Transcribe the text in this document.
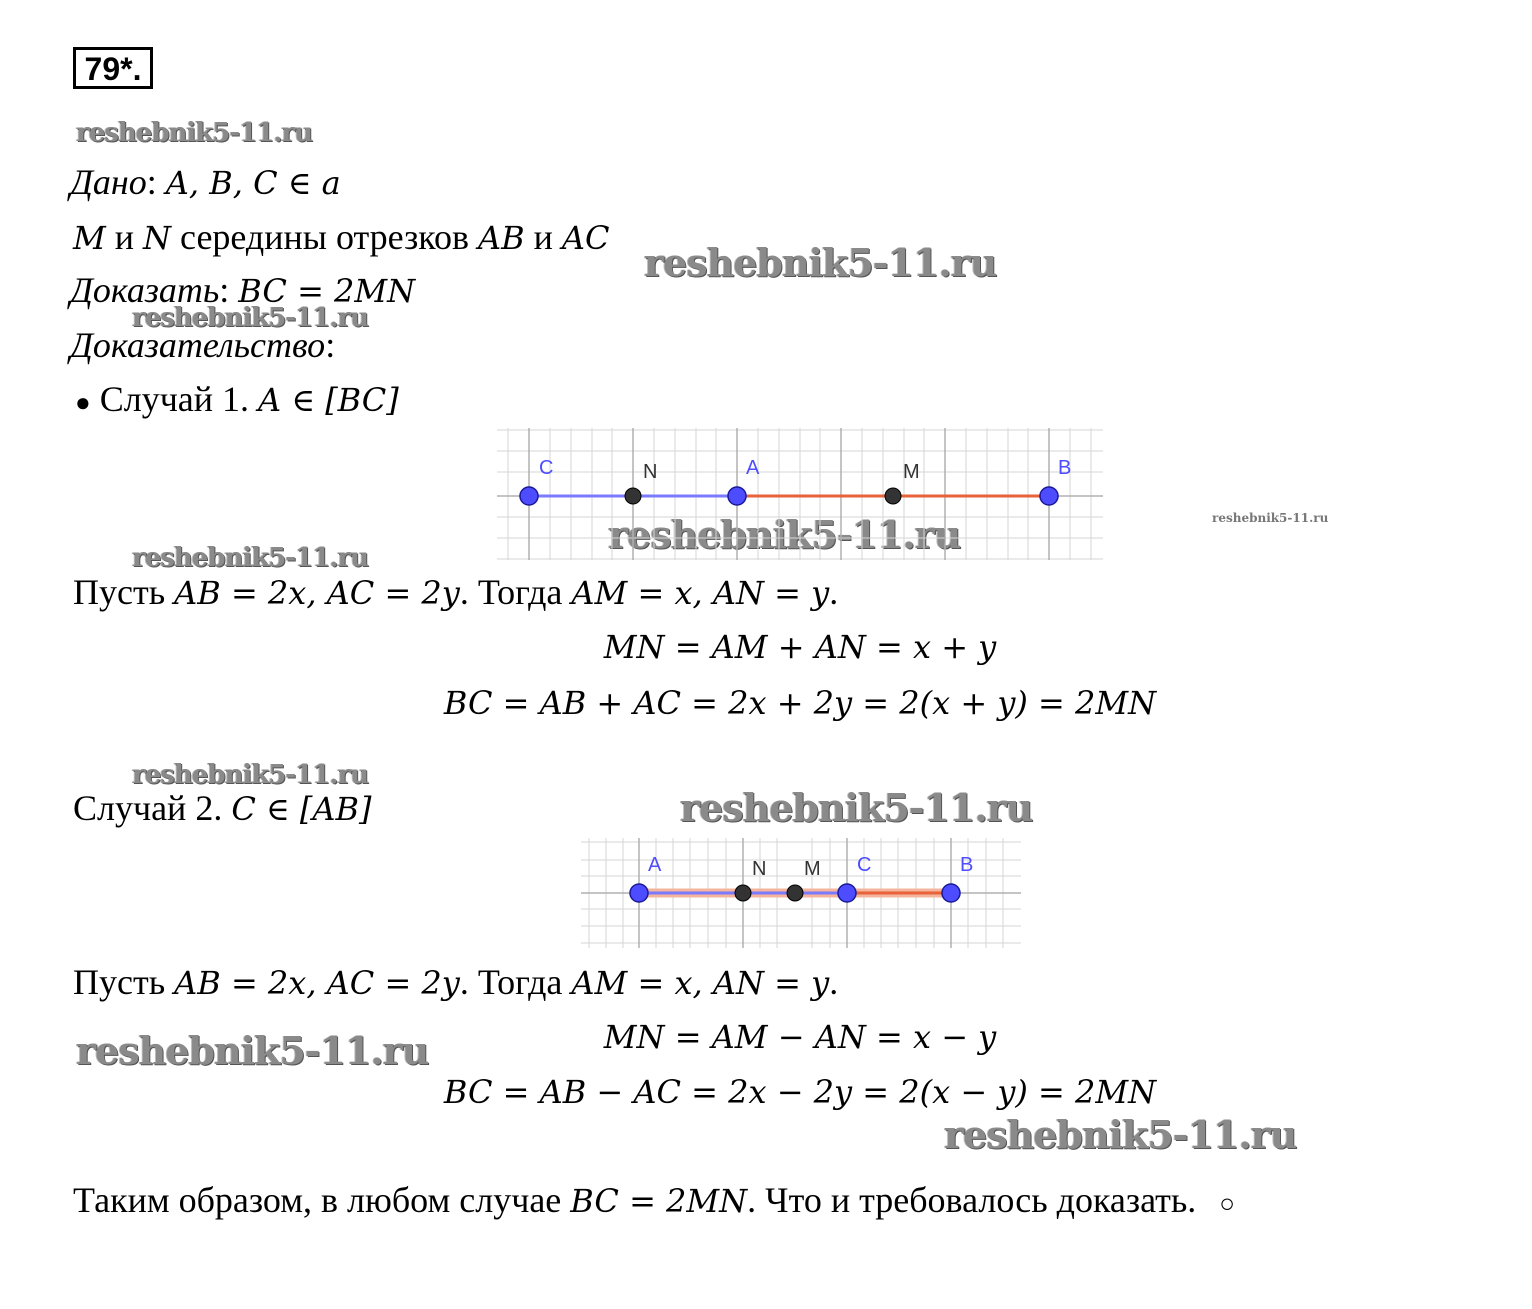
79*.
reshebnik5-11.ru
reshebnik5-11.ru
reshebnik5-11.ru
reshebnik5-11.ru
reshebnik5-11.ru
reshebnik5-11.ru
reshebnik5-11.ru
reshebnik5-11.ru
reshebnik5-11.ru
reshebnik5-11.ru
Дано: A, B, C ∈ a
M и N середины отрезков AB и AC
Доказать: BC = 2MN
Доказательство:
● Случай 1. A ∈ [BC]
C	N	A	M	B
Пусть AB = 2x, AC = 2y. Тогда AM = x, AN = y.
MN = AM + AN = x + y
BC = AB + AC = 2x + 2y = 2(x + y) = 2MN
Случай 2. C ∈ [AB]
A	N M C	B
Пусть AB = 2x, AC = 2y. Тогда AM = x, AN = y.
MN = AM − AN = x − y
BC = AB − AC = 2x − 2y = 2(x − y) = 2MN
Таким образом, в любом случае BC = 2MN. Что и требовалось доказать. ○
